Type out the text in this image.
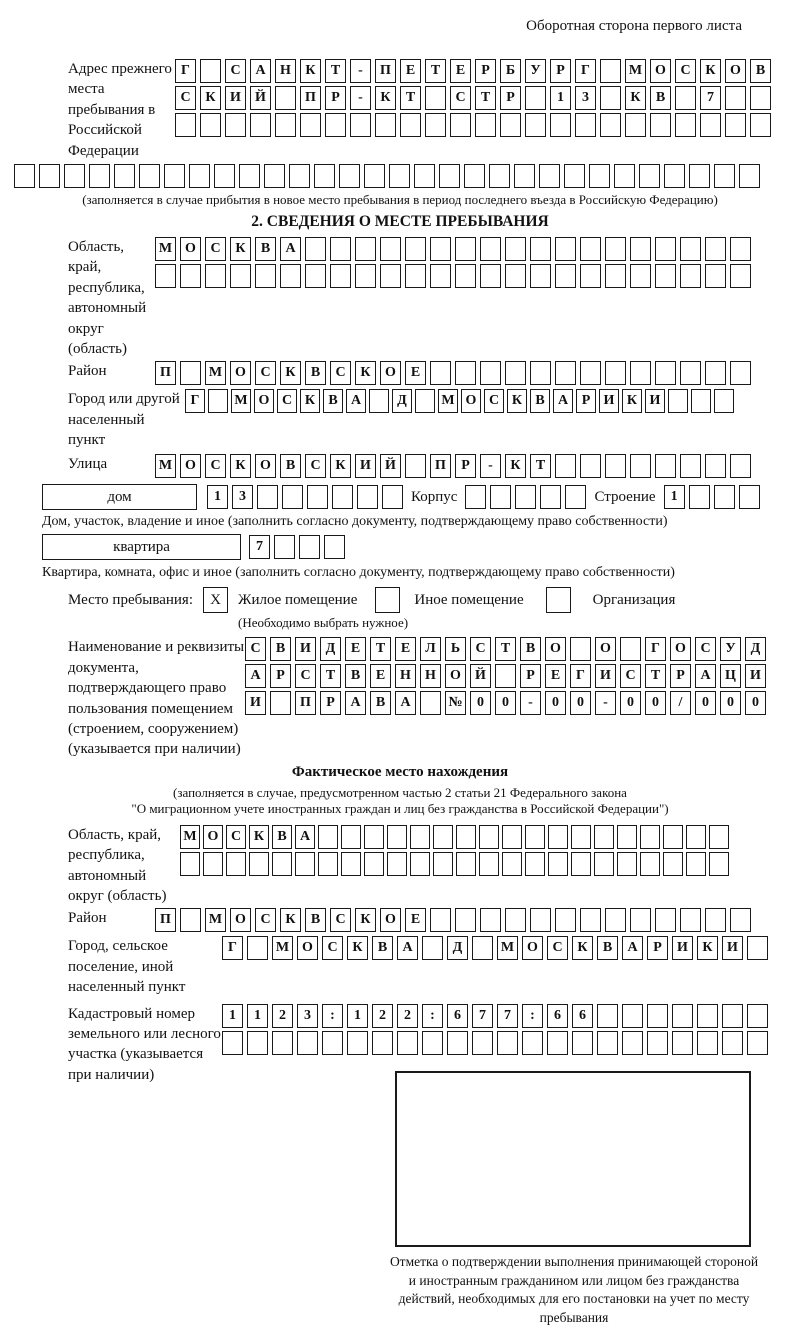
Оборотная сторона первого листа
Адрес прежнего места пребывания в Российской Федерации
Г	С	А	Н	К	Т	-	П	Е	Т	Е	Р	Б	У	Р	Г	М О	С	К	О	В
С	К	И	Й	П	Р	-	К	Т	С	Т	Р	1	3	К	В	7
(заполняется в случае прибытия в новое место пребывания в период последнего въезда в Российскую Федерацию)
2. СВЕДЕНИЯ О МЕСТЕ ПРЕБЫВАНИЯ
Область, край, республика, автономный округ (область)
М О	С	К	В	А
Район	П	М О	С	К	В	С	К	О	Е
Город или другой населенный пункт
Г	М О С К В А	Д	М О С К В А Р И К И
Улица	М О	С	К	О	В	С	К	И	Й	П	Р	-	К	Т
дом	1	3	Корпус	Строение	1
Дом, участок, владение и иное (заполнить согласно документу, подтверждающему право собственности)
квартира	7
Квартира, комната, офис и иное (заполнить согласно документу, подтверждающему право собственности)
Место пребывания:	X	Жилое помещение	Иное помещение	Организация
(Необходимо выбрать нужное)
Наименование и реквизиты документа, подтверждающего право пользования помещением (строением, сооружением) (указывается при наличии)
С	В	И	Д	Е	Т	Е	Л	Ь	С	Т	В	О	О	Г	О	С	У	Д
А	Р	С	Т	В	Е	Н	Н	О	Й	Р	Е	Г	И	С	Т	Р	А	Ц	И
И	П	Р	А	В	А	№	0	0	-	0	0	-	0	0	/	0	0	0
Фактическое место нахождения
(заполняется в случае, предусмотренном частью 2 статьи 21 Федерального закона
"О миграционном учете иностранных граждан и лиц без гражданства в Российской Федерации")
Область, край, республика, автономный округ (область)
М О С К В А
Район	П	М О	С	К	В	С	К	О	Е
Город, сельское поселение, иной населенный пункт
Г	М О	С	К	В	А	Д	М О	С	К	В	А	Р	И	К	И
Кадастровый номер земельного или лесного участка (указывается при наличии)
1	1	2	3	:	1	2	2	:	6	7	7	:	6	6
Отметка о подтверждении выполнения принимающей стороной и иностранным гражданином или лицом без гражданства действий, необходимых для его постановки на учет по месту пребывания
